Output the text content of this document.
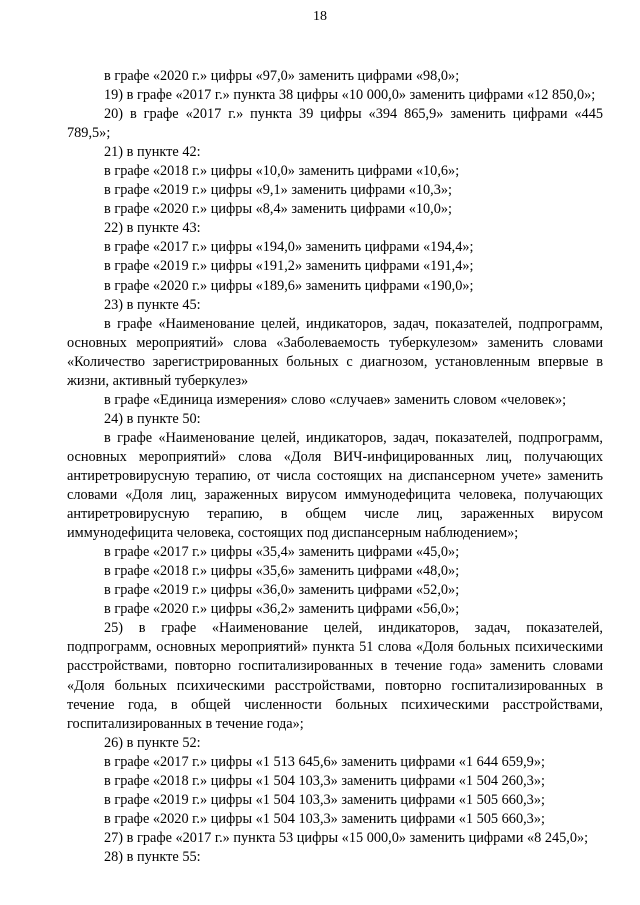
18

в графе «2020 г.» цифры «97,0» заменить цифрами «98,0»;

19) в графе «2017 г.» пункта 38 цифры «10 000,0» заменить цифрами «12 850,0»;

20) в графе «2017 г.» пункта 39 цифры «394 865,9» заменить цифрами «445 789,5»;

21) в пункте 42:

в графе «2018 г.» цифры «10,0» заменить цифрами «10,6»;

в графе «2019 г.» цифры «9,1» заменить цифрами «10,3»;

в графе «2020 г.» цифры «8,4» заменить цифрами «10,0»;

22) в пункте 43:

в графе «2017 г.» цифры «194,0» заменить цифрами «194,4»;

в графе «2019 г.» цифры «191,2» заменить цифрами «191,4»;

в графе «2020 г.» цифры «189,6» заменить цифрами «190,0»;

23) в пункте 45:

в графе «Наименование целей, индикаторов, задач, показателей, подпрограмм, основных мероприятий» слова «Заболеваемость туберкулезом» заменить словами «Количество зарегистрированных больных с диагнозом, установленным впервые в жизни, активный туберкулез»

в графе «Единица измерения» слово «случаев» заменить словом «человек»;

24) в пункте 50:

в графе «Наименование целей, индикаторов, задач, показателей, подпрограмм, основных мероприятий» слова «Доля ВИЧ-инфицированных лиц, получающих антиретровирусную терапию, от числа состоящих на диспансерном учете» заменить словами «Доля лиц, зараженных вирусом иммунодефицита человека, получающих антиретровирусную терапию, в общем числе лиц, зараженных вирусом иммунодефицита человека, состоящих под диспансерным наблюдением»;

в графе «2017 г.» цифры «35,4» заменить цифрами «45,0»;

в графе «2018 г.» цифры «35,6» заменить цифрами «48,0»;

в графе «2019 г.» цифры «36,0» заменить цифрами «52,0»;

в графе «2020 г.» цифры «36,2» заменить цифрами «56,0»;

25) в графе «Наименование целей, индикаторов, задач, показателей, подпрограмм, основных мероприятий» пункта 51 слова «Доля больных психическими расстройствами, повторно госпитализированных в течение года» заменить словами «Доля больных психическими расстройствами, повторно госпитализированных в течение года, в общей численности больных психическими расстройствами, госпитализированных в течение года»;

26) в пункте 52:

в графе «2017 г.» цифры «1 513 645,6» заменить цифрами «1 644 659,9»;

в графе «2018 г.» цифры «1 504 103,3» заменить цифрами «1 504 260,3»;

в графе «2019 г.» цифры «1 504 103,3» заменить цифрами «1 505 660,3»;

в графе «2020 г.» цифры «1 504 103,3» заменить цифрами «1 505 660,3»;

27) в графе «2017 г.» пункта 53 цифры «15 000,0» заменить цифрами «8 245,0»;

28) в пункте 55:
